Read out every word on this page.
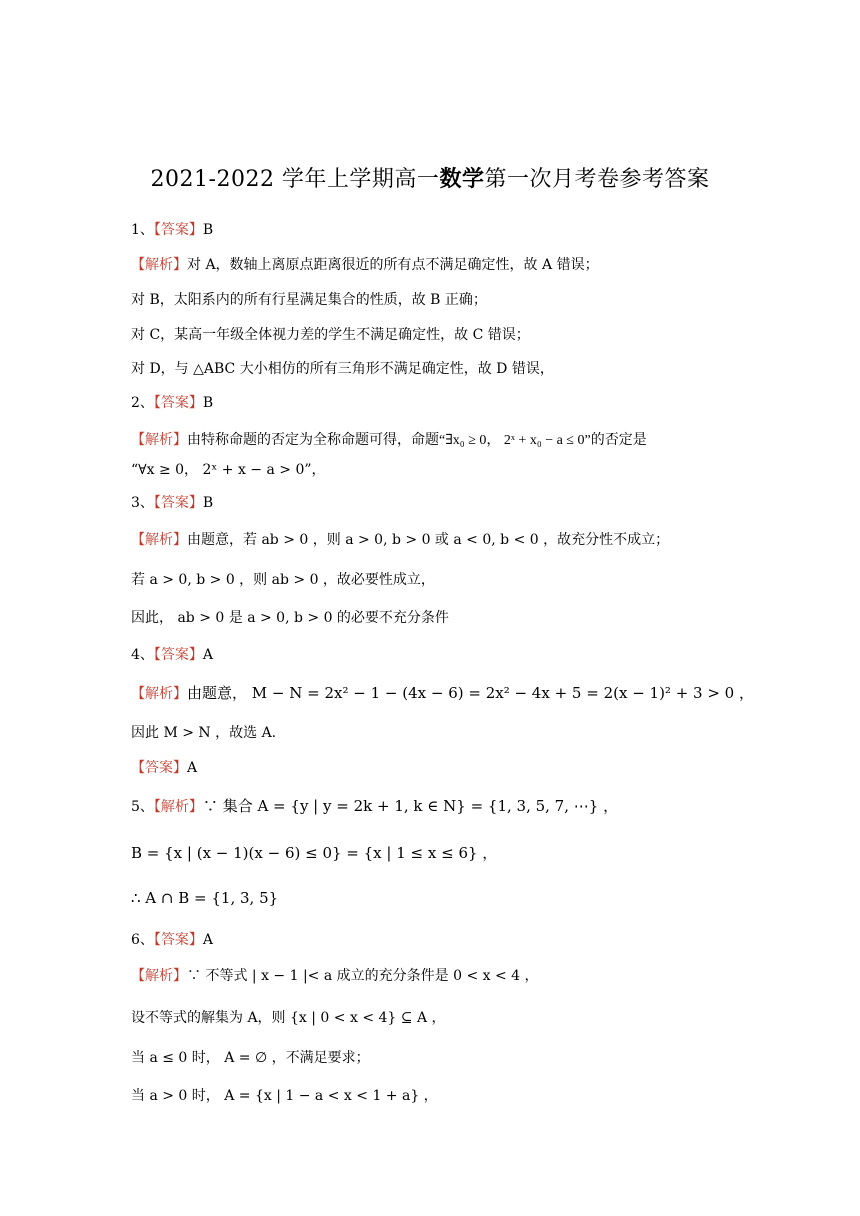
2021-2022 学年上学期高一数学第一次月考卷参考答案
1、【答案】B
【解析】对 A，数轴上离原点距离很近的所有点不满足确定性，故 A 错误；
对 B，太阳系内的所有行星满足集合的性质，故 B 正确；
对 C，某高一年级全体视力差的学生不满足确定性，故 C 错误；
对 D，与 △ABC 大小相仿的所有三角形不满足确定性，故 D 错误，
2、【答案】B
【解析】由特称命题的否定为全称命题可得，命题“∃x₀ ≥ 0， 2ˣ + x₀ − a ≤ 0”的否定是
“∀x ≥ 0， 2ˣ + x − a > 0”，
3、【答案】B
【解析】由题意，若 ab > 0 ，则 a > 0, b > 0 或 a < 0, b < 0 ，故充分性不成立；
若 a > 0, b > 0 ，则 ab > 0 ，故必要性成立，
因此， ab > 0 是 a > 0, b > 0 的必要不充分条件
4、【答案】A
【解析】由题意， M − N = 2x² − 1 − (4x − 6) = 2x² − 4x + 5 = 2(x − 1)² + 3 > 0 ，
因此 M > N ，故选 A.
【答案】A
5、【解析】∵ 集合 A = {y | y = 2k + 1, k ∈ N} = {1, 3, 5, 7, ⋯} ，
B = {x | (x − 1)(x − 6) ≤ 0} = {x | 1 ≤ x ≤ 6} ，
∴ A ∩ B = {1, 3, 5}
6、【答案】A
【解析】∵ 不等式 | x − 1 |< a 成立的充分条件是 0 < x < 4 ，
设不等式的解集为 A，则 {x | 0 < x < 4} ⊆ A ，
当 a ≤ 0 时， A = ∅ ，不满足要求；
当 a > 0 时， A = {x | 1 − a < x < 1 + a} ，
